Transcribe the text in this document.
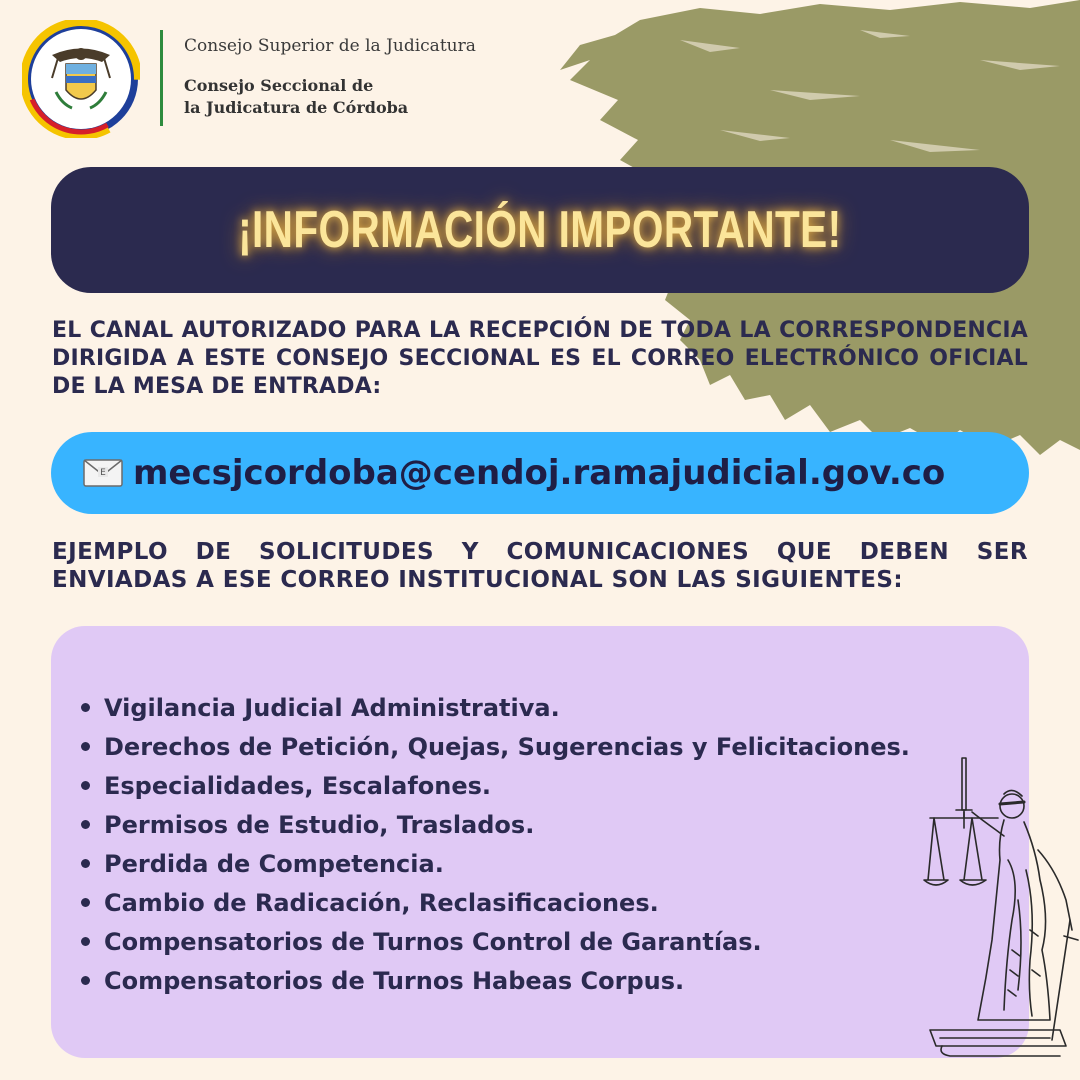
Consejo Superior de la Judicatura
Consejo Seccional de
la Judicatura de Córdoba
¡INFORMACIÓN IMPORTANTE!
EL CANAL AUTORIZADO PARA LA RECEPCIÓN DE TODA LA CORRESPONDENCIA DIRIGIDA A ESTE CONSEJO SECCIONAL ES EL CORREO ELECTRÓNICO OFICIAL DE LA MESA DE ENTRADA:
E mecsjcordoba@cendoj.ramajudicial.gov.co
EJEMPLO DE SOLICITUDES Y COMUNICACIONES QUE DEBEN SER ENVIADAS A ESE CORREO INSTITUCIONAL SON LAS SIGUIENTES:
Vigilancia Judicial Administrativa.
Derechos de Petición, Quejas, Sugerencias y Felicitaciones.
Especialidades, Escalafones.
Permisos de Estudio, Traslados.
Perdida de Competencia.
Cambio de Radicación, Reclasificaciones.
Compensatorios de Turnos Control de Garantías.
Compensatorios de Turnos Habeas Corpus.
